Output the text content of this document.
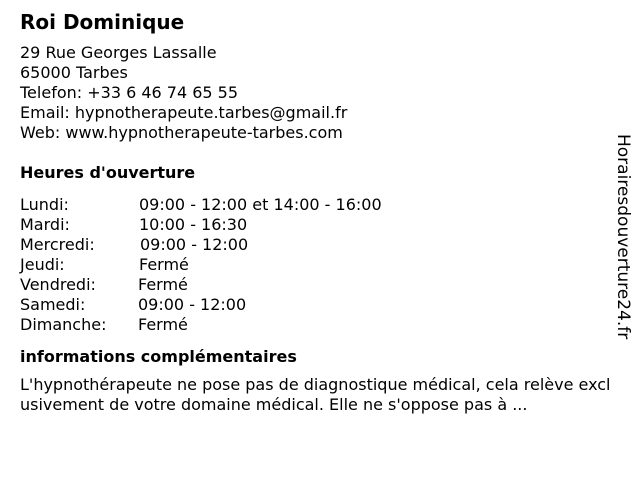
Roi Dominique
29 Rue Georges Lassalle
65000 Tarbes
Telefon: +33 6 46 74 65 55
Email: hypnotherapeute.tarbes@gmail.fr
Web: www.hypnotherapeute-tarbes.com
Heures d'ouverture
Lundi:	09:00 - 12:00 et 14:00 - 16:00
Mardi:	10:00 - 16:30
Mercredi:	09:00 - 12:00
Jeudi:	Fermé
Vendredi:	Fermé
Samedi:	09:00 - 12:00
Dimanche: Fermé
informations complémentaires
L'hypnothérapeute ne pose pas de diagnostique médical, cela relève exclusivement de votre domaine médical. Elle ne s'oppose pas à ...
Horairesdouverture24.fr
